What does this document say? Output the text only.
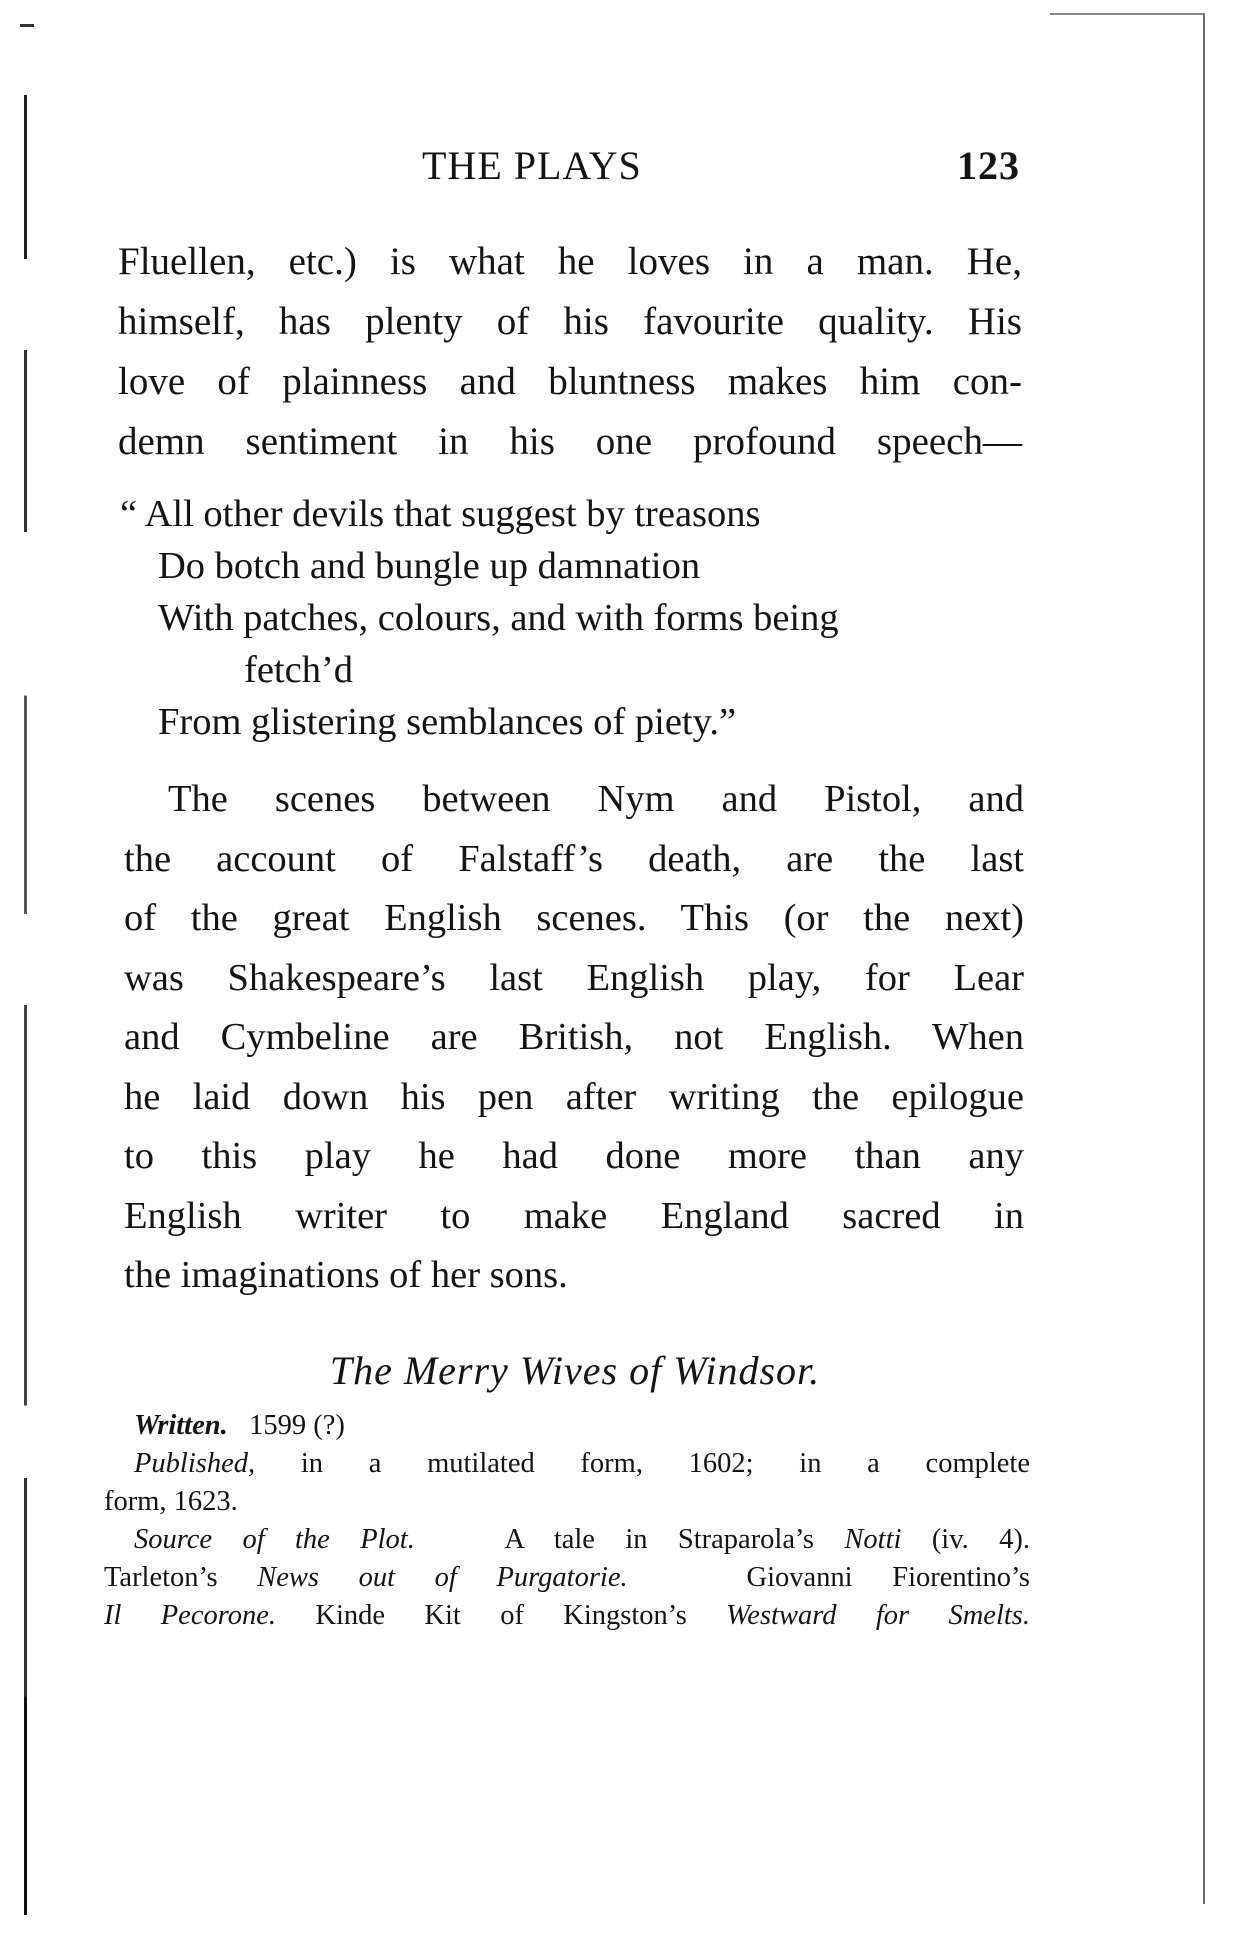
THE PLAYS	123
Fluellen, etc.) is what he loves in a man. He,
himself, has plenty of his favourite quality. His
love of plainness and bluntness makes him con-
demn sentiment in his one profound speech—
“ All other devils that suggest by treasons
Do botch and bungle up damnation
With patches, colours, and with forms being
fetch’d
From glistering semblances of piety.”
The scenes between Nym and Pistol, and
the account of Falstaff’s death, are the last
of the great English scenes. This (or the next)
was Shakespeare’s last English play, for Lear
and Cymbeline are British, not English. When
he laid down his pen after writing the epilogue
to this play he had done more than any
English writer to make England sacred in
the imaginations of her sons.
The Merry Wives of Windsor.
Written. 1599 (?)
Published, in a mutilated form, 1602; in a complete
form, 1623.
Source of the Plot.	A tale in Straparola’s Notti (iv. 4).
Tarleton’s News out of Purgatorie.	Giovanni Fiorentino’s
Il Pecorone. Kinde Kit of Kingston’s Westward for Smelts.
